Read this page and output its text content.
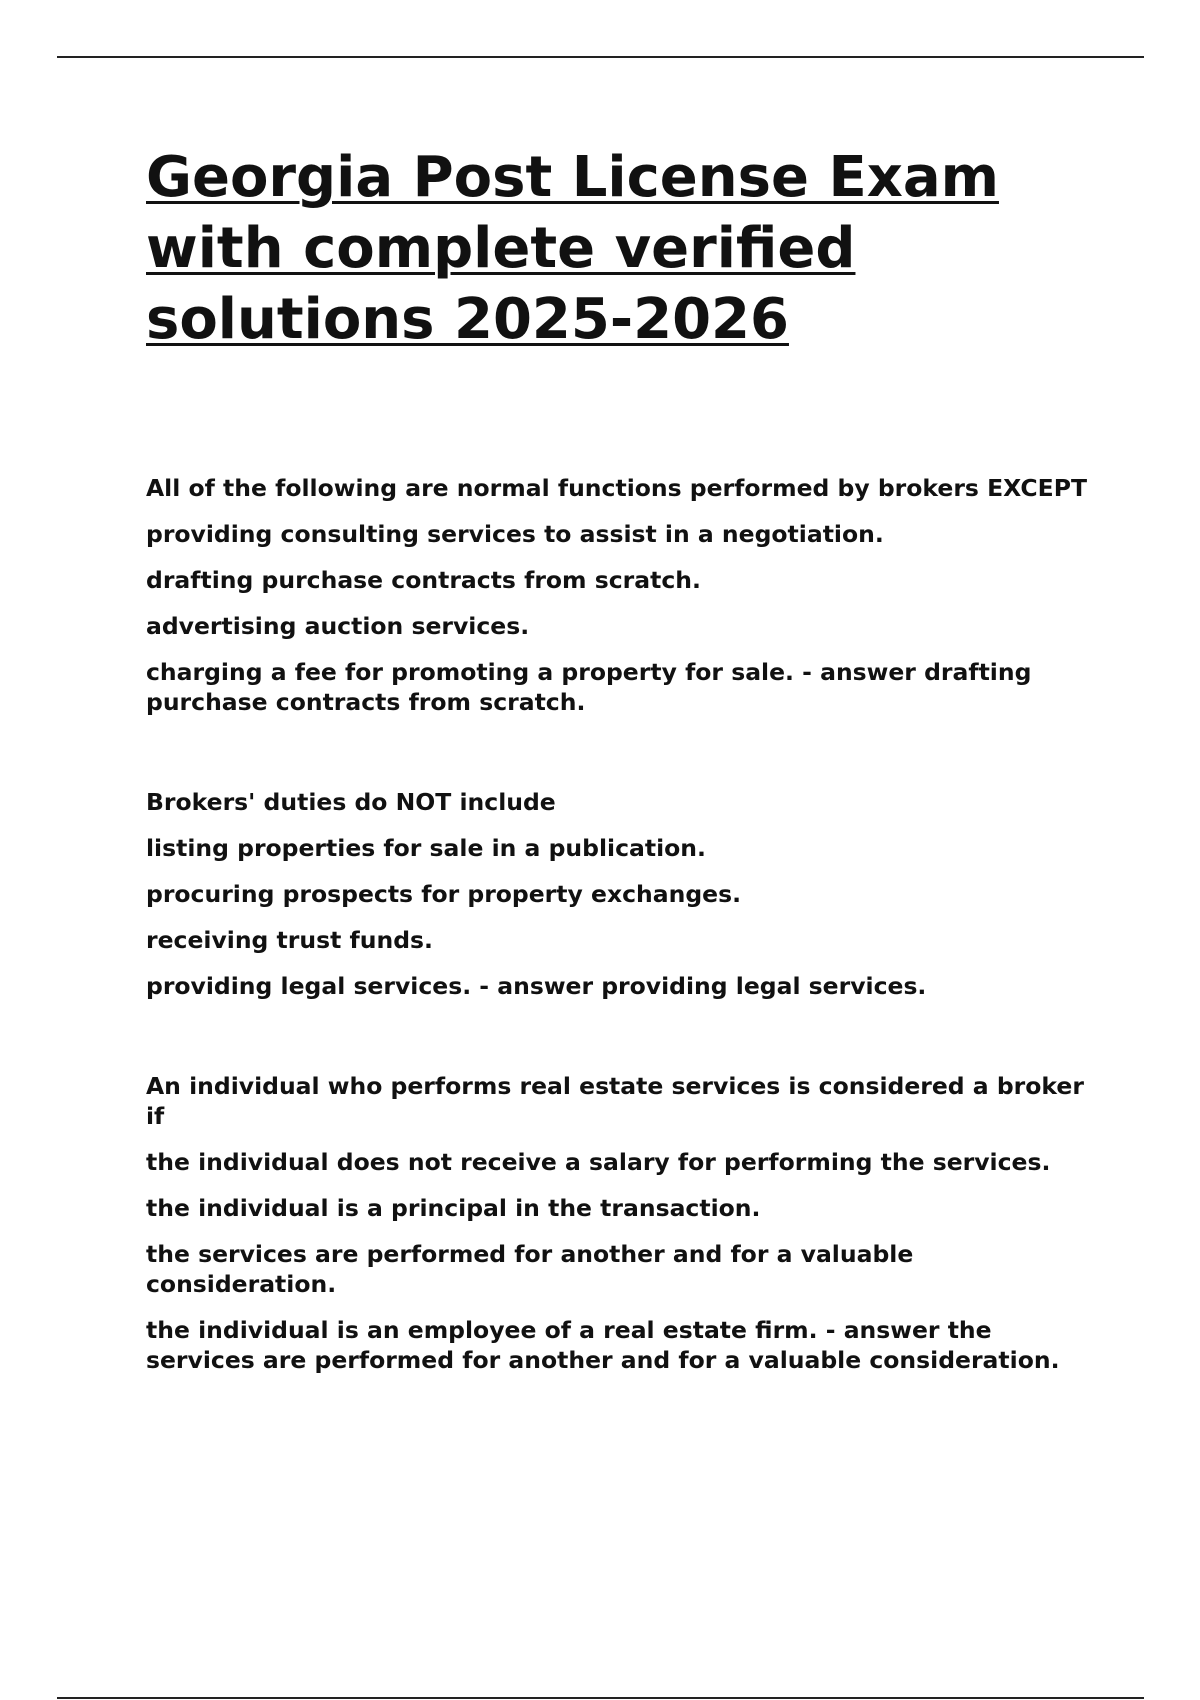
Georgia Post License Exam with complete verified solutions 2025-2026

All of the following are normal functions performed by brokers EXCEPT

providing consulting services to assist in a negotiation.

drafting purchase contracts from scratch.

advertising auction services.

charging a fee for promoting a property for sale. - answer drafting purchase contracts from scratch.

Brokers' duties do NOT include

listing properties for sale in a publication.

procuring prospects for property exchanges.

receiving trust funds.

providing legal services. - answer providing legal services.

An individual who performs real estate services is considered a broker if

the individual does not receive a salary for performing the services.

the individual is a principal in the transaction.

the services are performed for another and for a valuable consideration.

the individual is an employee of a real estate firm. - answer the services are performed for another and for a valuable consideration.
